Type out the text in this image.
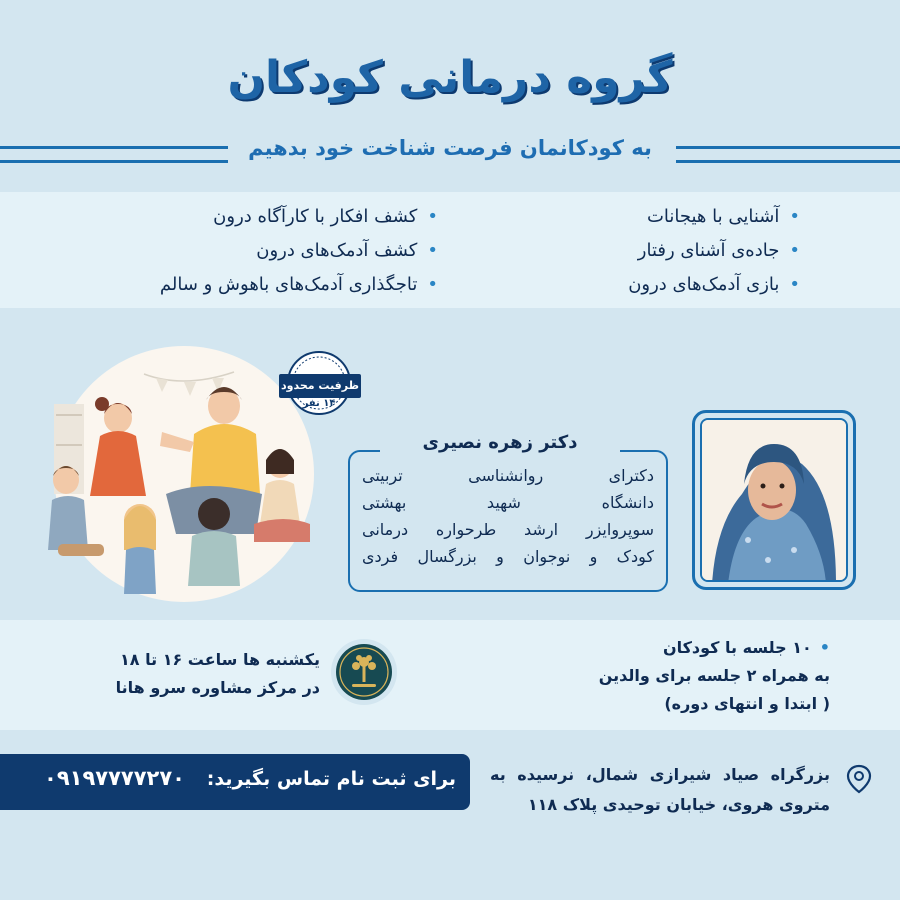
گروه درمانی کودکان
به کودکانمان فرصت شناخت خود بدهیم
•آشنایی با هیجانات
•جاده‌ی آشنای رفتار
•بازی آدمک‌های درون
•کشف افکار با کارآگاه درون
•کشف آدمک‌های درون
•تاجگذاری آدمک‌های باهوش و سالم
ظرفیت محدود
۱۴ نفر
دکتر زهره نصیری
دکترای روانشناسی تربیتی
دانشگاه شهید بهشتی
سوپروایزر ارشد طرحواره درمانی
کودک و نوجوان و بزرگسال فردی
•۱۰ جلسه با کودکان
به همراه ۲ جلسه برای والدین
( ابتدا و انتهای دوره)
یکشنبه ها ساعت ۱۶ تا ۱۸
در مرکز مشاوره سرو هانا
برای ثبت نام تماس بگیرید:
۰۹۱۹۷۷۷۷۲۷۰	بزرگراه صیاد شیرازی شمال، نرسیده به
متروی هروی، خیابان توحیدی پلاک ۱۱۸
